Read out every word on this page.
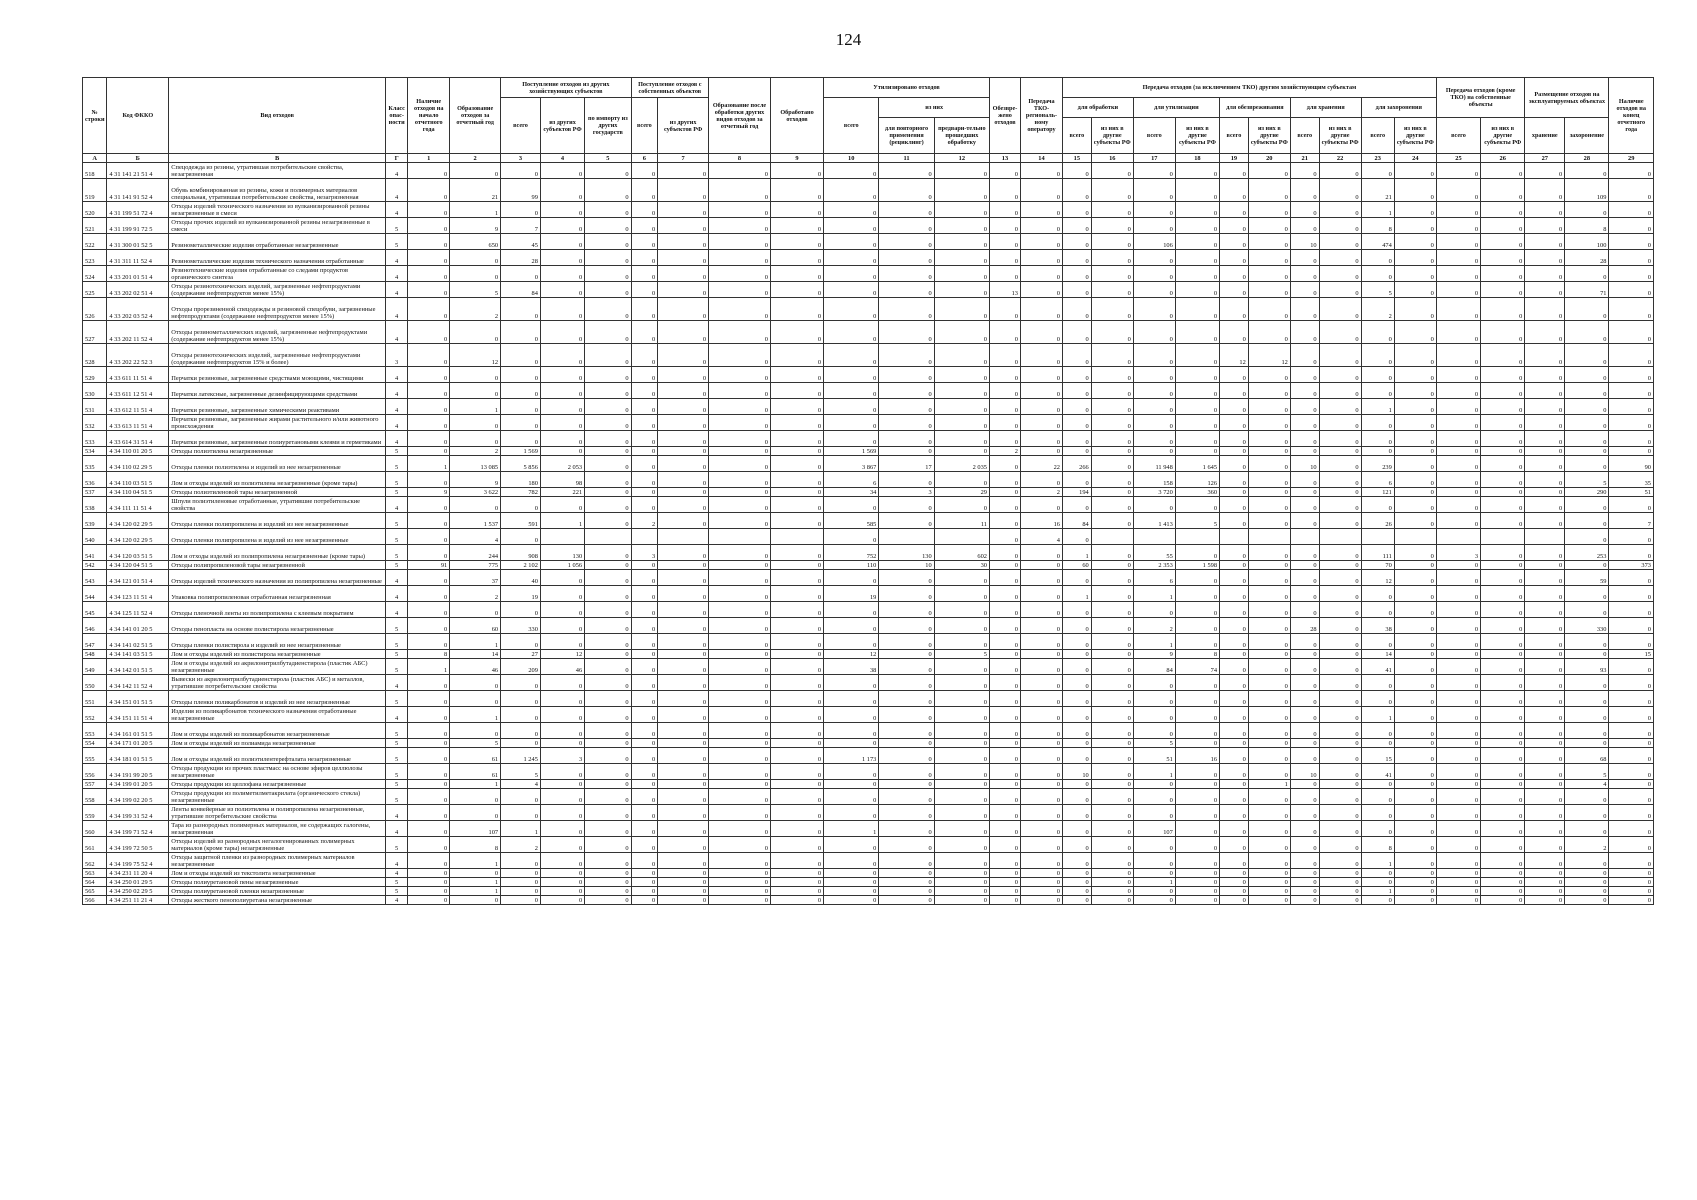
124
№ строки	Код ФККО	Вид отходов	Класс опас-ности	Наличие отходов на начало отчетного года	Образование отходов за отчетный год	Поступление отходов из других хозяйствующих субъектов			Поступление отходов с собственных объектов		Образование после обработки других видов отходов за отчетный год	Обработано отходов	Утилизировано отходов			Обезвре-жено отходов	Передача ТКО-региональ-ному оператору	Передача отходов (за исключением ТКО) другим хозяйствующим субъектам										Передача отходов (кроме ТКО) на собственные объекты		Размещение отходов на эксплуатируемых объектах		Наличие отходов на конец отчетного года
						всего	из других субъектов РФ	по импорту из других государств	всего	из других субъектов РФ			всего	из них				для обработки		для утилизации		для обезвреживания		для хранения		для захоронения						
														для повторного применения (рециклинг)	предвари-тельно прошедших обработку			всего	из них в другие субъекты РФ	всего	из них в другие субъекты РФ	всего	из них в другие субъекты РФ	всего	из них в другие субъекты РФ	всего	из них в другие субъекты РФ	всего	из них в другие субъекты РФ	хранение	захоронение	
А	Б	В	Г	1	2	3	4	5	6	7	8	9	10	11	12	13	14	15	16	17	18	19	20	21	22	23	24	25	26	27	28	29
518	4 31 141 21 51 4	Спецодежда из резины, утратившая потребительские свойства, незагрязненная	4	0	0	0	0	0	0	0	0	0	0	0	0	0	0	0	0	0	0	0	0	0	0	0	0	0	0	0	0	0
519	4 31 141 91 52 4	Обувь комбинированная из резины, кожи и полимерных материалов специальная, утратившая потребительские свойства, незагрязненная	4	0	21	99	0	0	0	0	0	0	0	0	0	0	0	0	0	0	0	0	0	0	0	21	0	0	0	0	109	0
520	4 31 199 51 72 4	Отходы изделий технического назначения из вулканизированной резины незагрязненные в смеси	4	0	1	0	0	0	0	0	0	0	0	0	0	0	0	0	0	0	0	0	0	0	0	1	0	0	0	0	0	0
521	4 31 199 91 72 5	Отходы прочих изделий из вулканизированной резины незагрязненные в смеси	5	0	9	7	0	0	0	0	0	0	0	0	0	0	0	0	0	0	0	0	0	0	0	8	0	0	0	0	8	0
522	4 31 300 01 52 5	Резинометаллические изделия отработанные незагрязненные	5	0	650	45	0	0	0	0	0	0	0	0	0	0	0	0	0	106	0	0	0	10	0	474	0	0	0	0	100	0
523	4 31 311 11 52 4	Резинометаллические изделия технического назначения отработанные	4	0	0	28	0	0	0	0	0	0	0	0	0	0	0	0	0	0	0	0	0	0	0	0	0	0	0	0	28	0
524	4 33 201 01 51 4	Резинотехнические изделия отработанные со следами продуктов органического синтеза	4	0	0	0	0	0	0	0	0	0	0	0	0	0	0	0	0	0	0	0	0	0	0	0	0	0	0	0	0	0
525	4 33 202 02 51 4	Отходы резинотехнических изделий, загрязненные нефтепродуктами (содержание нефтепродуктов менее 15%)	4	0	5	84	0	0	0	0	0	0	0	0	0	13	0	0	0	0	0	0	0	0	0	5	0	0	0	0	71	0
526	4 33 202 03 52 4	Отходы прорезиненной спецодежды и резиновой спецобуви, загрязненные нефтепродуктами (содержание нефтепродуктов менее 15%)	4	0	2	0	0	0	0	0	0	0	0	0	0	0	0	0	0	0	0	0	0	0	0	2	0	0	0	0	0	0
527	4 33 202 11 52 4	Отходы резинометаллических изделий, загрязненные нефтепродуктами (содержание нефтепродуктов менее 15%)	4	0	0	0	0	0	0	0	0	0	0	0	0	0	0	0	0	0	0	0	0	0	0	0	0	0	0	0	0	0
528	4 33 202 22 52 3	Отходы резинотехнических изделий, загрязненные нефтепродуктами (содержание нефтепродуктов 15% и более)	3	0	12	0	0	0	0	0	0	0	0	0	0	0	0	0	0	0	0	12	12	0	0	0	0	0	0	0	0	0
529	4 33 611 11 51 4	Перчатки резиновые, загрязненные средствами моющими, чистящими	4	0	0	0	0	0	0	0	0	0	0	0	0	0	0	0	0	0	0	0	0	0	0	0	0	0	0	0	0	0
530	4 33 611 12 51 4	Перчатки латексные, загрязненные дезинфицирующими средствами	4	0	0	0	0	0	0	0	0	0	0	0	0	0	0	0	0	0	0	0	0	0	0	0	0	0	0	0	0	0
531	4 33 612 11 51 4	Перчатки резиновые, загрязненные химическими реактивами	4	0	1	0	0	0	0	0	0	0	0	0	0	0	0	0	0	0	0	0	0	0	0	1	0	0	0	0	0	0
532	4 33 613 11 51 4	Перчатки резиновые, загрязненные жирами растительного и/или животного происхождения	4	0	0	0	0	0	0	0	0	0	0	0	0	0	0	0	0	0	0	0	0	0	0	0	0	0	0	0	0	0
533	4 33 614 31 51 4	Перчатки резиновые, загрязненные полиуретановыми клеями и герметиками	4	0	0	0	0	0	0	0	0	0	0	0	0	0	0	0	0	0	0	0	0	0	0	0	0	0	0	0	0	0
534	4 34 110 01 20 5	Отходы полиэтилена незагрязненные	5	0	2	1 569	0	0	0	0	0	0	1 569	0	0	2	0	0	0	0	0	0	0	0	0	0	0	0	0	0	0	0
535	4 34 110 02 29 5	Отходы пленки полиэтилена и изделий из нее незагрязненные	5	1	13 085	5 856	2 053	0	0	0	0	0	3 867	17	2 035	0	22	266	0	11 948	1 645	0	0	10	0	239	0	0	0	0	0	90
536	4 34 110 03 51 5	Лом и отходы изделий из полиэтилена незагрязненные (кроме тары)	5	0	9	180	98	0	0	0	0	0	6	0	0	0	0	0	0	158	126	0	0	0	0	6	0	0	0	0	5	35
537	4 34 110 04 51 5	Отходы полиэтиленовой тары незагрязненной	5	9	3 622	782	221	0	0	0	0	0	34	3	29	0	2	194	0	3 720	360	0	0	0	0	121	0	0	0	0	290	51
538	4 34 111 11 51 4	Шпули полиэтиленовые отработанные, утратившие потребительские свойства	4	0	0	0	0	0	0	0	0	0	0	0	0	0	0	0	0	0	0	0	0	0	0	0	0	0	0	0	0	0
539	4 34 120 02 29 5	Отходы пленки полипропилена и изделий из нее незагрязненные	5	0	1 537	591	1	0	2	0	0	0	585	0	11	0	16	84	0	1 413	5	0	0	0	0	26	0	0	0	0	0	7
540	4 34 120 02 29 5	Отходы пленки полипропилена и изделий из нее незагрязненные	5	0	4	0							0			0	4	0													0	0
541	4 34 120 03 51 5	Лом и отходы изделий из полипропилена незагрязненные (кроме тары)	5	0	244	908	130	0	3	0	0	0	752	130	602	0	0	1	0	55	0	0	0	0	0	111	0	3	0	0	253	0
542	4 34 120 04 51 5	Отходы полипропиленовой тары незагрязненной	5	91	775	2 102	1 056	0	0	0	0	0	110	10	30	0	0	60	0	2 353	1 598	0	0	0	0	70	0	0	0	0	0	373
543	4 34 121 01 51 4	Отходы изделий технического назначения из полипропилена незагрязненные	4	0	37	40	0	0	0	0	0	0	0	0	0	0	0	0	0	6	0	0	0	0	0	12	0	0	0	0	59	0
544	4 34 123 11 51 4	Упаковка полипропиленовая отработанная незагрязненная	4	0	2	19	0	0	0	0	0	0	19	0	0	0	0	1	0	1	0	0	0	0	0	0	0	0	0	0	0	0
545	4 34 125 11 52 4	Отходы пленочной ленты из полипропилена с клеевым покрытием	4	0	0	0	0	0	0	0	0	0	0	0	0	0	0	0	0	0	0	0	0	0	0	0	0	0	0	0	0	0
546	4 34 141 01 20 5	Отходы пенопласта на основе полистирола незагрязненные	5	0	60	330	0	0	0	0	0	0	0	0	0	0	0	0	0	2	0	0	0	28	0	38	0	0	0	0	330	0
547	4 34 141 02 51 5	Отходы пленки полистирола и изделий из нее незагрязненные	5	0	1	0	0	0	0	0	0	0	0	0	0	0	0	0	0	1	0	0	0	0	0	0	0	0	0	0	0	0
548	4 34 141 03 51 5	Лом и отходы изделий из полистирола незагрязненные	5	8	14	27	12	0	0	0	0	0	12	0	5	0	0	0	0	9	8	0	0	0	0	14	0	0	0	0	0	15
549	4 34 142 01 51 5	Лом и отходы изделий из акрилонитрилбутадиенстирола (пластик АБС) незагрязненные	5	1	46	209	46	0	0	0	0	0	38	0	0	0	0	0	0	84	74	0	0	0	0	41	0	0	0	0	93	0
550	4 34 142 11 52 4	Вывески из акрилонитрилбутадиенстирола (пластик АБС) и металлов, утратившие потребительские свойства	4	0	0	0	0	0	0	0	0	0	0	0	0	0	0	0	0	0	0	0	0	0	0	0	0	0	0	0	0	0
551	4 34 151 01 51 5	Отходы пленки поликарбонатов и изделий из нее незагрязненные	5	0	0	0	0	0	0	0	0	0	0	0	0	0	0	0	0	0	0	0	0	0	0	0	0	0	0	0	0	0
552	4 34 151 11 51 4	Изделия из поликарбонатов технического назначения отработанные незагрязненные	4	0	1	0	0	0	0	0	0	0	0	0	0	0	0	0	0	0	0	0	0	0	0	1	0	0	0	0	0	0
553	4 34 161 01 51 5	Лом и отходы изделий из поликарбонатов незагрязненные	5	0	0	0	0	0	0	0	0	0	0	0	0	0	0	0	0	0	0	0	0	0	0	0	0	0	0	0	0	0
554	4 34 171 01 20 5	Лом и отходы изделий из полиамида незагрязненные	5	0	5	0	0	0	0	0	0	0	0	0	0	0	0	0	0	5	0	0	0	0	0	0	0	0	0	0	0	0
555	4 34 181 01 51 5	Лом и отходы изделий из полиэтилентерефталата незагрязненные	5	0	61	1 245	3	0	0	0	0	0	1 173	0	0	0	0	0	0	51	16	0	0	0	0	15	0	0	0	0	68	0
556	4 34 191 99 20 5	Отходы продукции из прочих пластмасс на основе эфиров целлюлозы незагрязненные	5	0	61	5	0	0	0	0	0	0	0	0	0	0	0	10	0	1	0	0	0	10	0	41	0	0	0	0	5	0
557	4 34 199 01 20 5	Отходы продукции из целлофана незагрязненные	5	0	1	4	0	0	0	0	0	0	0	0	0	0	0	0	0	0	0	0	1	0	0	0	0	0	0	0	4	0
558	4 34 199 02 20 5	Отходы продукции из полиметилметакрилата (органического стекла) незагрязненные	5	0	0	0	0	0	0	0	0	0	0	0	0	0	0	0	0	0	0	0	0	0	0	0	0	0	0	0	0	0
559	4 34 199 31 52 4	Ленты конвейерные из полиэтилена и полипропилена незагрязненные, утратившие потребительские свойства	4	0	0	0	0	0	0	0	0	0	0	0	0	0	0	0	0	0	0	0	0	0	0	0	0	0	0	0	0	0
560	4 34 199 71 52 4	Тара из разнородных полимерных материалов, не содержащих галогены, незагрязненная	4	0	107	1	0	0	0	0	0	0	1	0	0	0	0	0	0	107	0	0	0	0	0	0	0	0	0	0	0	0
561	4 34 199 72 50 5	Отходы изделий из разнородных негалогенированных полимерных материалов (кроме тары) незагрязненные	5	0	8	2	0	0	0	0	0	0	0	0	0	0	0	0	0	0	0	0	0	0	0	8	0	0	0	0	2	0
562	4 34 199 75 52 4	Отходы защитной пленки из разнородных полимерных материалов незагрязненные	4	0	1	0	0	0	0	0	0	0	0	0	0	0	0	0	0	0	0	0	0	0	0	1	0	0	0	0	0	0
563	4 34 231 11 20 4	Лом и отходы изделий из текстолита незагрязненные	4	0	0	0	0	0	0	0	0	0	0	0	0	0	0	0	0	0	0	0	0	0	0	0	0	0	0	0	0	0
564	4 34 250 01 29 5	Отходы полиуретановой пены незагрязненные	5	0	1	0	0	0	0	0	0	0	0	0	0	0	0	0	0	1	0	0	0	0	0	0	0	0	0	0	0	0
565	4 34 250 02 29 5	Отходы полиуретановой пленки незагрязненные	5	0	1	0	0	0	0	0	0	0	0	0	0	0	0	0	0	0	0	0	0	0	0	1	0	0	0	0	0	0
566	4 34 251 11 21 4	Отходы жесткого пенополиуретана незагрязненные	4	0	0	0	0	0	0	0	0	0	0	0	0	0	0	0	0	0	0	0	0	0	0	0	0	0	0	0	0	0
